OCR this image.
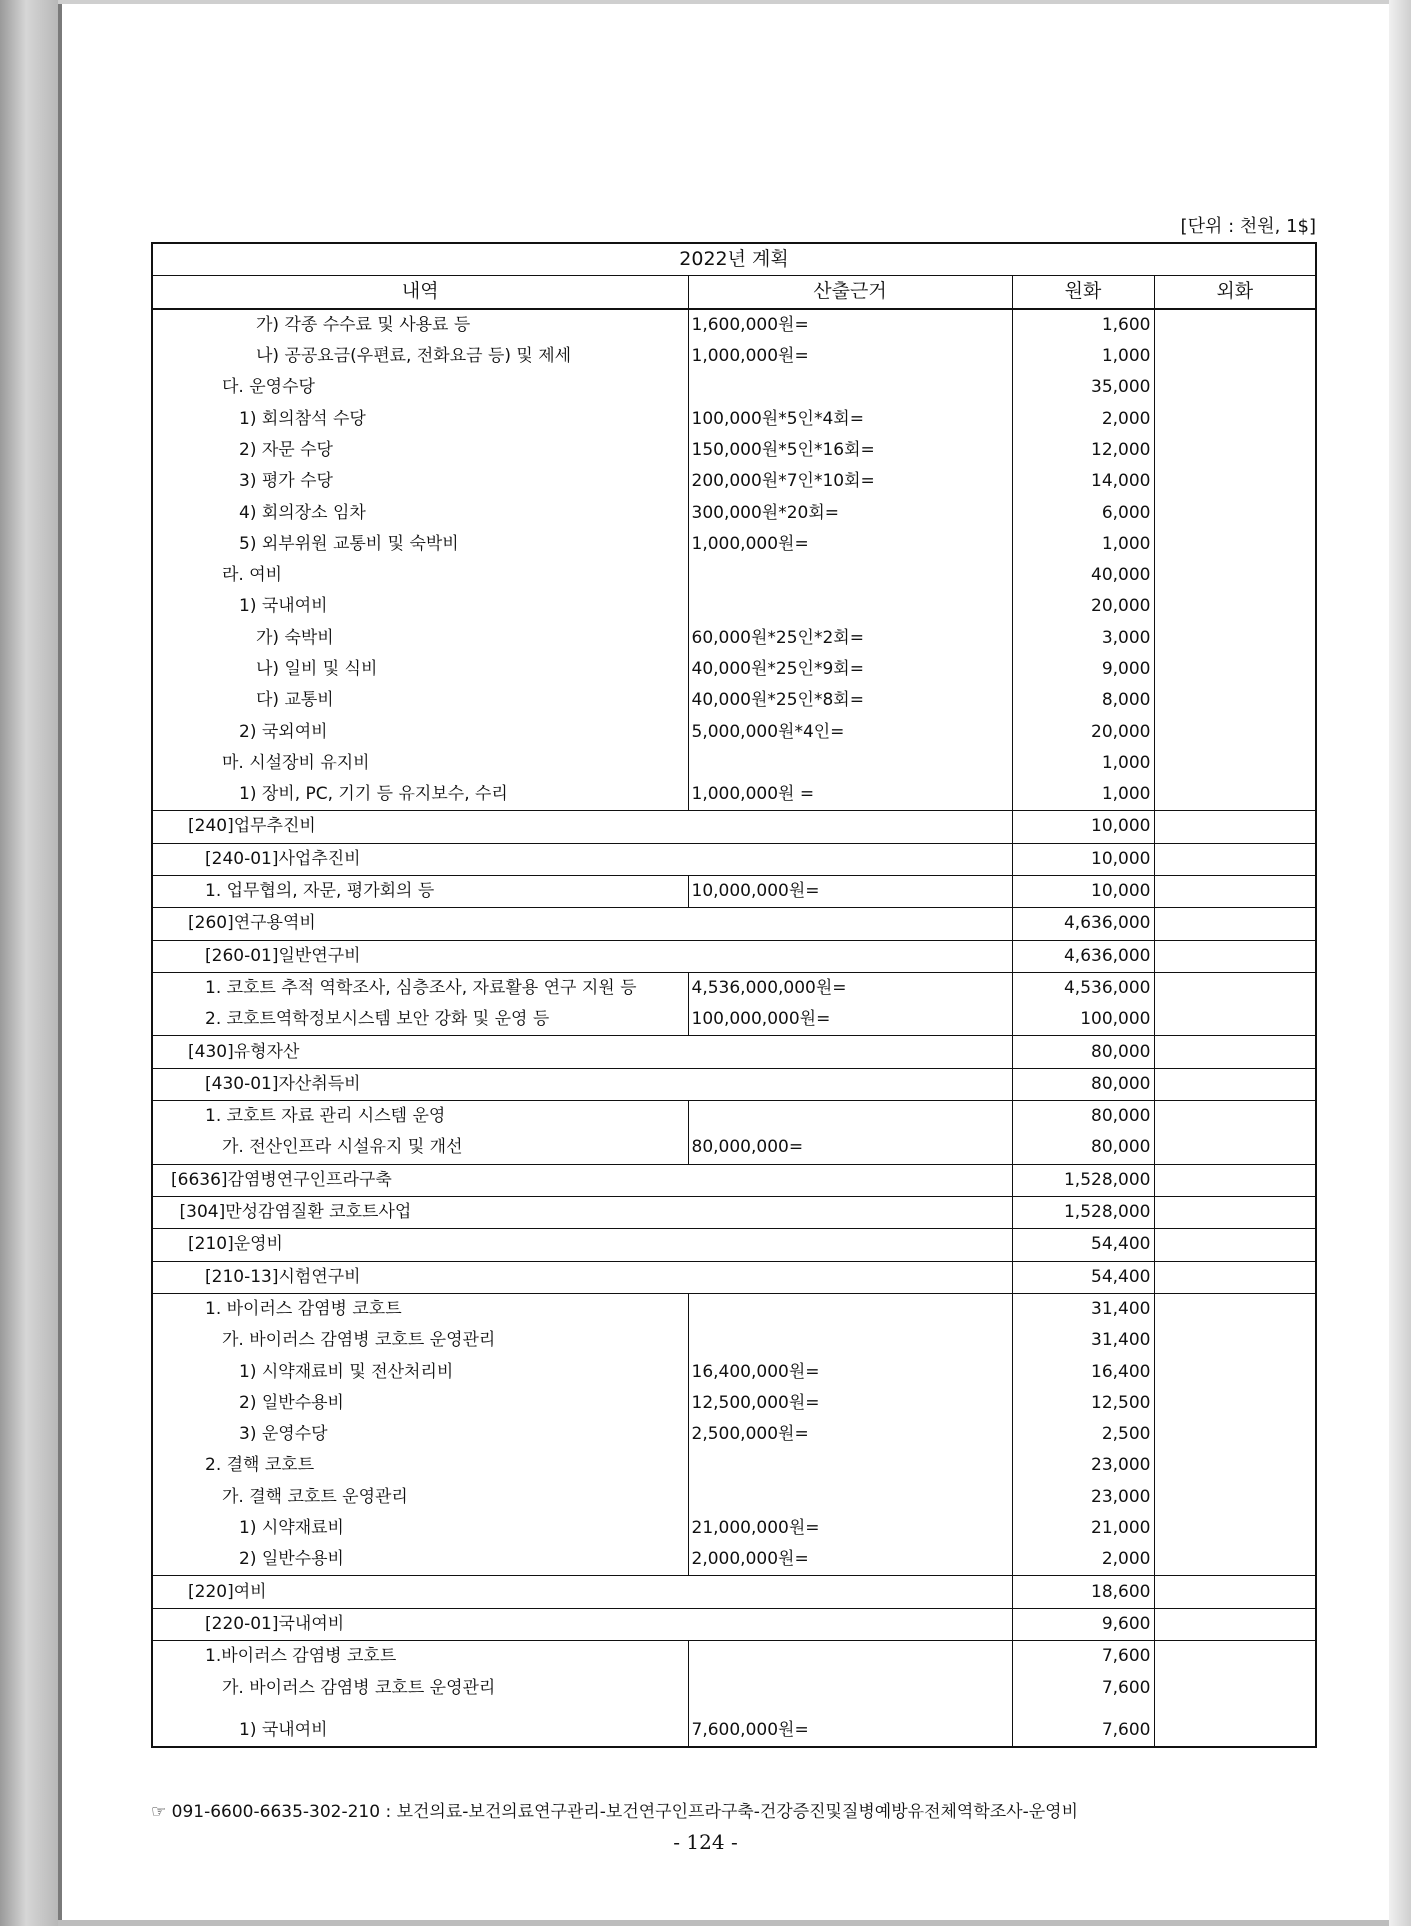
[단위 : 천원, 1$]
2022년 계획			
내역	산출근거	원화	외화
가) 각종 수수료 및 사용료 등	1,600,000원=	1,600	
나) 공공요금(우편료, 전화요금 등) 및 제세	1,000,000원=	1,000	
다. 운영수당		35,000	
1) 회의참석 수당	100,000원*5인*4회=	2,000	
2) 자문 수당	150,000원*5인*16회=	12,000	
3) 평가 수당	200,000원*7인*10회=	14,000	
4) 회의장소 임차	300,000원*20회=	6,000	
5) 외부위원 교통비 및 숙박비	1,000,000원=	1,000	
라. 여비		40,000	
1) 국내여비		20,000	
가) 숙박비	60,000원*25인*2회=	3,000	
나) 일비 및 식비	40,000원*25인*9회=	9,000	
다) 교통비	40,000원*25인*8회=	8,000	
2) 국외여비	5,000,000원*4인=	20,000	
마. 시설장비 유지비		1,000	
1) 장비, PC, 기기 등 유지보수, 수리	1,000,000원 =	1,000	
[240]업무추진비		10,000	
[240-01]사업추진비		10,000	
1. 업무협의, 자문, 평가회의 등	10,000,000원=	10,000	
[260]연구용역비		4,636,000	
[260-01]일반연구비		4,636,000	
1. 코호트 추적 역학조사, 심층조사, 자료활용 연구 지원 등	4,536,000,000원=	4,536,000	
2. 코호트역학정보시스템 보안 강화 및 운영 등	100,000,000원=	100,000	
[430]유형자산		80,000	
[430-01]자산취득비		80,000	
1. 코호트 자료 관리 시스템 운영		80,000	
가. 전산인프라 시설유지 및 개선	80,000,000=	80,000	
[6636]감염병연구인프라구축		1,528,000	
[304]만성감염질환 코호트사업		1,528,000	
[210]운영비		54,400	
[210-13]시험연구비		54,400	
1. 바이러스 감염병 코호트		31,400	
가. 바이러스 감염병 코호트 운영관리		31,400	
1) 시약재료비 및 전산처리비	16,400,000원=	16,400	
2) 일반수용비	12,500,000원=	12,500	
3) 운영수당	2,500,000원=	2,500	
2. 결핵 코호트		23,000	
가. 결핵 코호트 운영관리		23,000	
1) 시약재료비	21,000,000원=	21,000	
2) 일반수용비	2,000,000원=	2,000	
[220]여비		18,600	
[220-01]국내여비		9,600	
1.바이러스 감염병 코호트		7,600	
가. 바이러스 감염병 코호트 운영관리		7,600	
1) 국내여비	7,600,000원=	7,600	
☞ 091-6600-6635-302-210 : 보건의료-보건의료연구관리-보건연구인프라구축-건강증진및질병예방유전체역학조사-운영비
- 124 -
